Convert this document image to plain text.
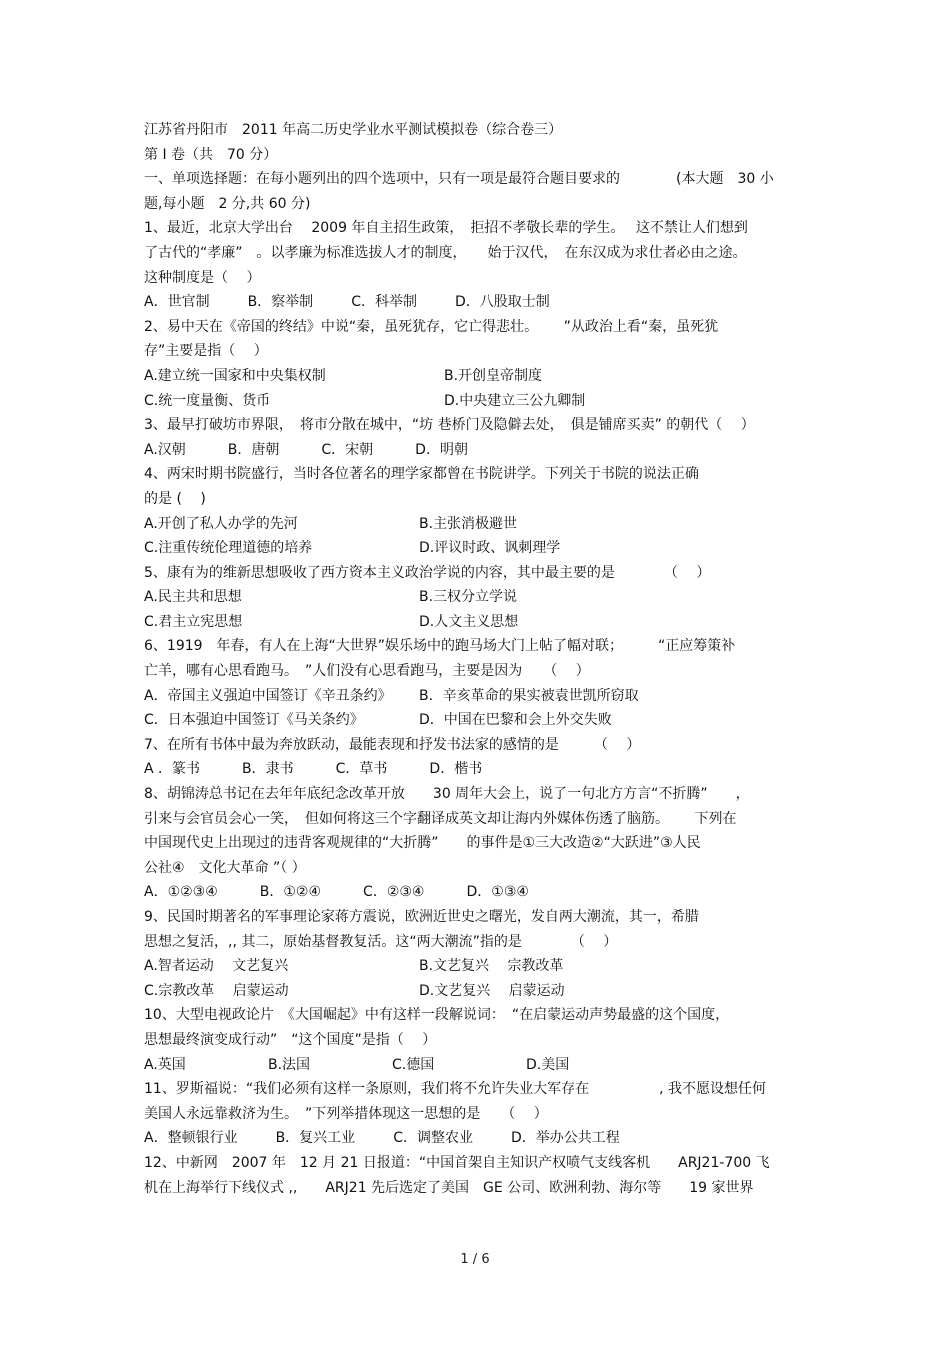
江苏省丹阳市　2011 年高二历史学业水平测试模拟卷（综合卷三）
第 I 卷（共　70 分）
一、单项选择题：在每小题列出的四个选项中，只有一项是最符合题目要求的　　　　(本大题　30 小
题,每小题　2 分,共 60 分)
1、最近，北京大学出台　 2009 年自主招生政策，　拒招不孝敬长辈的学生。　 这不禁让人们想到
了古代的“孝廉”　。以孝廉为标准选拔人才的制度，　　始于汉代，　在东汉成为求仕者必由之途。
这种制度是（　 ）
A．世官制	B．察举制	C．科举制	D．八股取士制
2、易中天在《帝国的终结》中说“秦，虽死犹存，它亡得悲壮。　　 ”从政治上看“秦，虽死犹
存”主要是指（　 ）
A.建立统一国家和中央集权制	B.开创皇帝制度
C.统一度量衡、货币	D.中央建立三公九卿制
3、最早打破坊市界限，　将市分散在城中，“坊 巷桥门及隐僻去处，　俱是铺席买卖” 的朝代（　 ）
A.汉朝	B．唐朝	C．宋朝	D．明朝
4、两宋时期书院盛行，当时各位著名的理学家都曾在书院讲学。下列关于书院的说法正确
的是 (　 )
A.开创了私人办学的先河	B.主张消极避世
C.注重传统伦理道德的培养	D.评议时政、讽刺理学
5、康有为的维新思想吸收了西方资本主义政治学说的内容，其中最主要的是　　　　（　 ）
A.民主共和思想	B.三权分立学说
C.君主立宪思想	D.人文主义思想
6、1919　年春，有人在上海“大世界”娱乐场中的跑马场大门上帖了幅对联；　　　“正应筹策补
亡羊，哪有心思看跑马。　”人们没有心思看跑马，主要是因为　　（　 ）
A．帝国主义强迫中国签订《辛丑条约》	B．辛亥革命的果实被袁世凯所窃取
C．日本强迫中国签订《马关条约》	D．中国在巴黎和会上外交失败
7、在所有书体中最为奔放跃动，最能表现和抒发书法家的感情的是　　　（　 ）
A ．篆书	B．隶书	C．草书	D．楷书
8、胡锦涛总书记在去年年底纪念改革开放　　30 周年大会上，说了一句北方方言“不折腾”　　，
引来与会官员会心一笑，　但如何将这三个字翻译成英文却让海内外媒体伤透了脑筋。　　 下列在
中国现代史上出现过的违背客观规律的“大折腾”　　的事件是①三大改造②“大跃进”③人民
公社④　文化大革命 ”（ ）
A．①②③④	B．①②④	C．②③④	D．①③④
9、民国时期著名的军事理论家蒋方震说，欧洲近世史之曙光，发自两大潮流，其一，希腊
思想之复活，,, 其二，原始基督教复活。这“两大潮流”指的是　　　　（　 ）
A.智者运动　 文艺复兴	B.文艺复兴　 宗教改革
C.宗教改革　 启蒙运动	D.文艺复兴　 启蒙运动
10、大型电视政论片　《大国崛起》中有这样一段解说词：　“在启蒙运动声势最盛的这个国度，
思想最终演变成行动”　“这个国度”是指（　 ）
A.英国	B.法国	C.德国	D.美国
11、罗斯福说：“我们必须有这样一条原则，我们将不允许失业大军存在　　　　　, 我不愿设想任何
美国人永远靠救济为生。　”下列举措体现这一思想的是　　（　 ）
A．整顿银行业	B．复兴工业	C．调整农业	D．举办公共工程
12、中新网　2007 年　12 月 21 日报道：“中国首架自主知识产权喷气支线客机　　ARJ21-700 飞
机在上海举行下线仪式 ,,　　ARJ21 先后选定了美国　GE 公司、欧洲利勃、海尔等　　19 家世界
1 / 6
